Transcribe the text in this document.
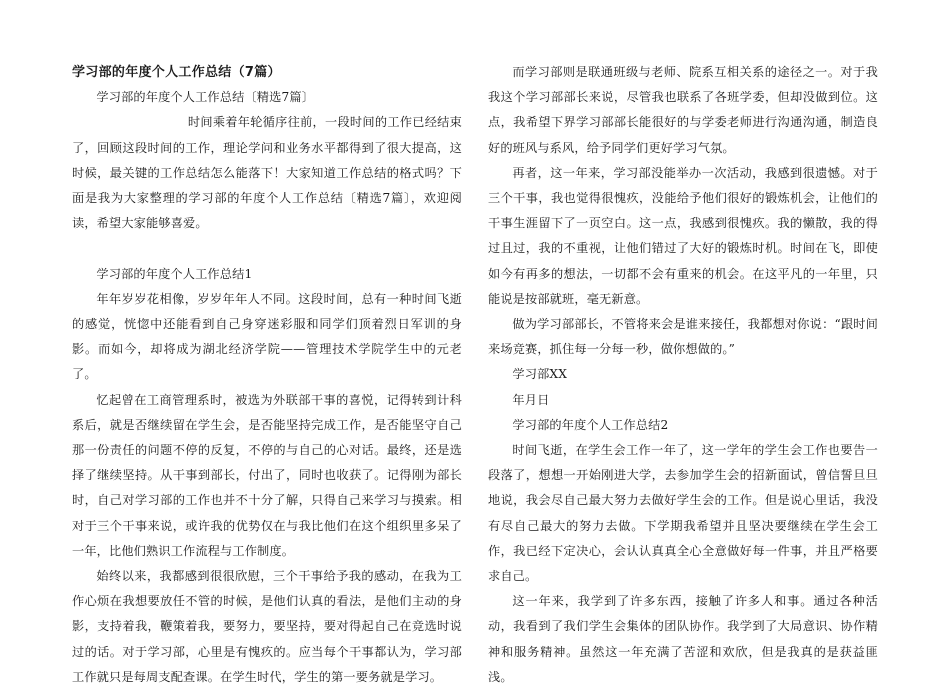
学习部的年度个人工作总结（7篇）

学习部的年度个人工作总结〔精选7篇〕

时间乘着年轮循序往前，一段时间的工作已经结束了，回顾这段时间的工作，理论学问和业务水平都得到了很大提高，这时候，最关键的工作总结怎么能落下！大家知道工作总结的格式吗？下面是我为大家整理的学习部的年度个人工作总结〔精选7篇〕，欢迎阅读，希望大家能够喜爱。

学习部的年度个人工作总结1

年年岁岁花相像，岁岁年年人不同。这段时间，总有一种时间飞逝的感觉，恍惚中还能看到自己身穿迷彩服和同学们顶着烈日军训的身影。而如今，却将成为湖北经济学院——管理技术学院学生中的元老了。

忆起曾在工商管理系时，被选为外联部干事的喜悦，记得转到计科系后，就是否继续留在学生会，是否能坚持完成工作，是否能坚守自己那一份责任的问题不停的反复，不停的与自己的心对话。最终，还是选择了继续坚持。从干事到部长，付出了，同时也收获了。记得刚为部长时，自己对学习部的工作也并不十分了解，只得自己来学习与摸索。相对于三个干事来说，或许我的优势仅在与我比他们在这个组织里多呆了一年，比他们熟识工作流程与工作制度。

始终以来，我都感到很很欣慰，三个干事给予我的感动，在我为工作心烦在我想要放任不管的时候，是他们认真的看法，是他们主动的身影，支持着我，鞭策着我，要努力，要坚持，要对得起自己在竞选时说过的话。对于学习部，心里是有愧疚的。应当每个干事都认为，学习部工作就只是每周支配查课。在学生时代，学生的第一要务就是学习。

而学习部则是联通班级与老师、院系互相关系的途径之一。对于我我这个学习部部长来说，尽管我也联系了各班学委，但却没做到位。这点，我希望下界学习部部长能很好的与学委老师进行沟通沟通，制造良好的班风与系风，给予同学们更好学习气氛。

再者，这一年来，学习部没能举办一次活动，我感到很遗憾。对于三个干事，我也觉得很愧疚，没能给予他们很好的锻炼机会，让他们的干事生涯留下了一页空白。这一点，我感到很愧疚。我的懒散，我的得过且过，我的不重视，让他们错过了大好的锻炼时机。时间在飞，即使如今有再多的想法，一切都不会有重来的机会。在这平凡的一年里，只能说是按部就班，毫无新意。

做为学习部部长，不管将来会是谁来接任，我都想对你说：“跟时间来场竞赛，抓住每一分每一秒，做你想做的。”

学习部XX

年月日

学习部的年度个人工作总结2

时间飞逝，在学生会工作一年了，这一学年的学生会工作也要告一段落了，想想一开始刚进大学，去参加学生会的招新面试，曾信誓旦旦地说，我会尽自己最大努力去做好学生会的工作。但是说心里话，我没有尽自己最大的努力去做。下学期我希望并且坚决要继续在学生会工作，我已经下定决心，会认认真真全心全意做好每一件事，并且严格要求自己。

这一年来，我学到了许多东西，接触了许多人和事。通过各种活动，我看到了我们学生会集体的团队协作。我学到了大局意识、协作精神和服务精神。虽然这一年充满了苦涩和欢欣，但是我真的是获益匪浅。
